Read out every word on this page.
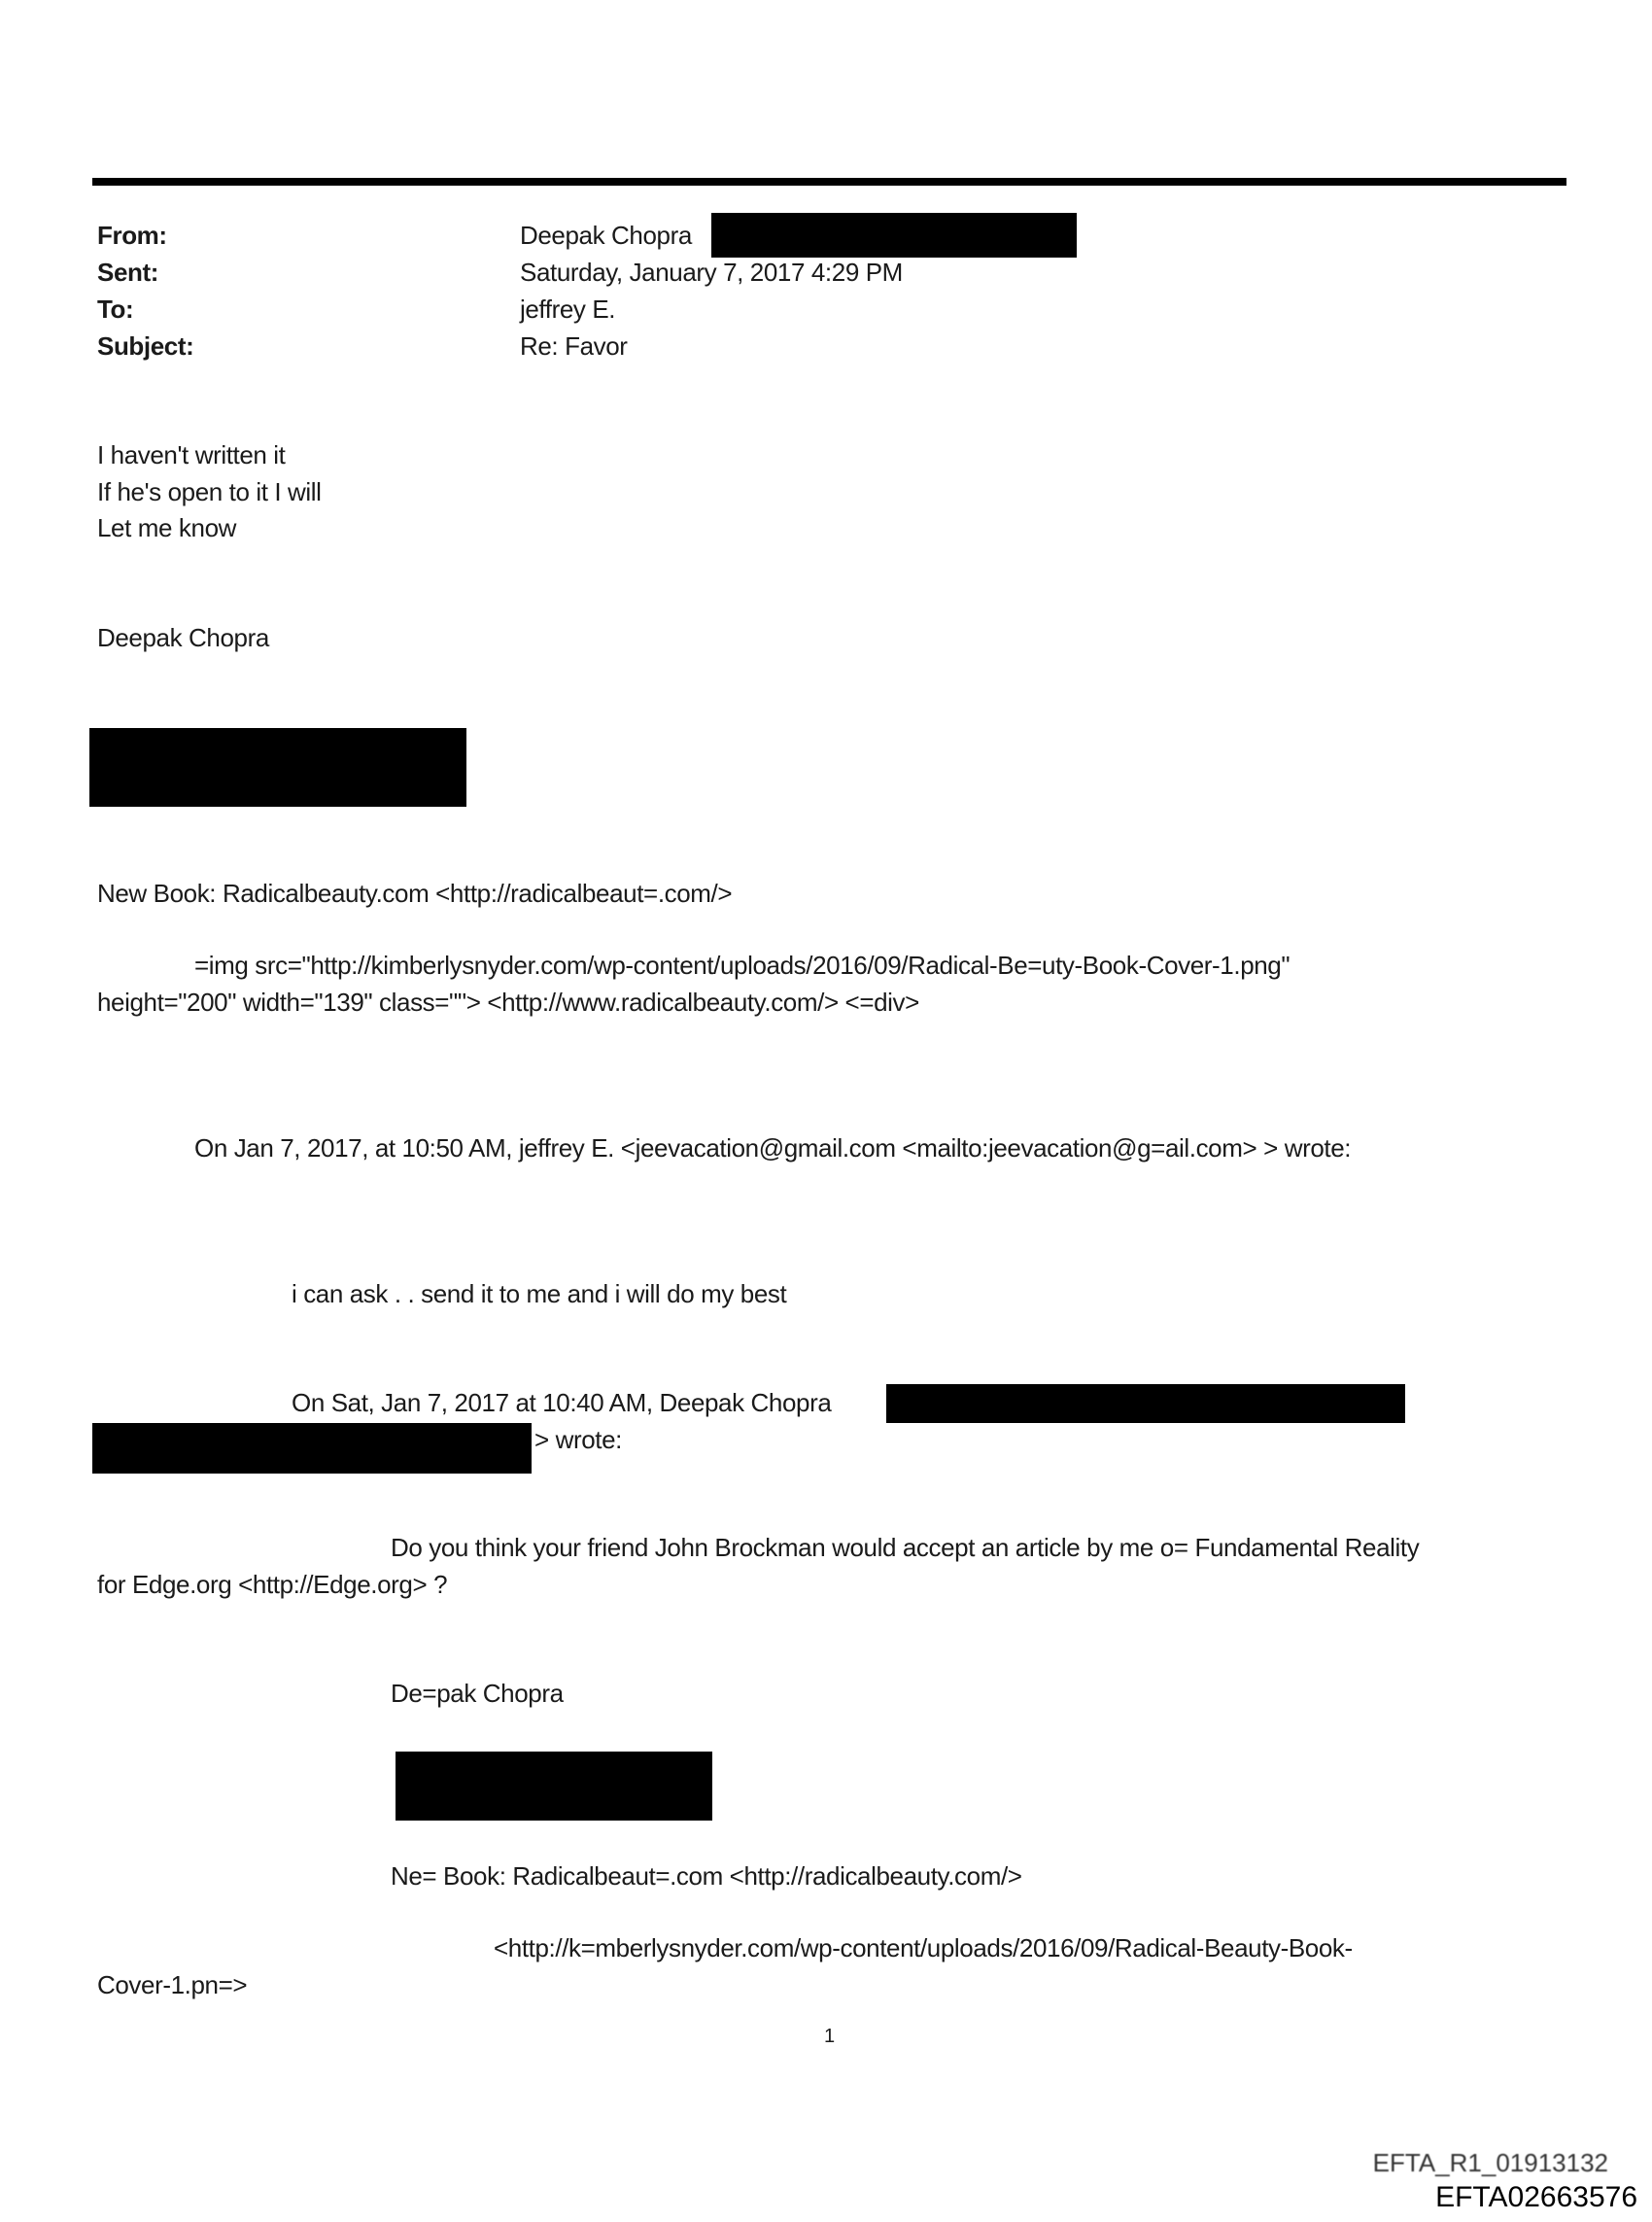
From:	Deepak Chopra
Sent:	Saturday, January 7, 2017 4:29 PM
To:	jeffrey E.
Subject:	Re: Favor
I haven't written it
If he's open to it I will
Let me know
Deepak Chopra
New Book: Radicalbeauty.com <http://radicalbeaut=.com/>
=img src="http://kimberlysnyder.com/wp-content/uploads/2016/09/Radical-Be=uty-Book-Cover-1.png"
height="200" width="139" class=""> <http://www.radicalbeauty.com/> <=div>
On Jan 7, 2017, at 10:50 AM, jeffrey E. <jeevacation@gmail.com <mailto:jeevacation@g=ail.com> > wrote:
i can ask . . send it to me and i will do my best
On Sat, Jan 7, 2017 at 10:40 AM, Deepak Chopra
> wrote:
Do you think your friend John Brockman would accept an article by me o= Fundamental Reality
for Edge.org <http://Edge.org> ?
De=pak Chopra
Ne= Book: Radicalbeaut=.com <http://radicalbeauty.com/>
<http://k=mberlysnyder.com/wp-content/uploads/2016/09/Radical-Beauty-Book-
Cover-1.pn=>
1
EFTA_R1_01913132
EFTA02663576
